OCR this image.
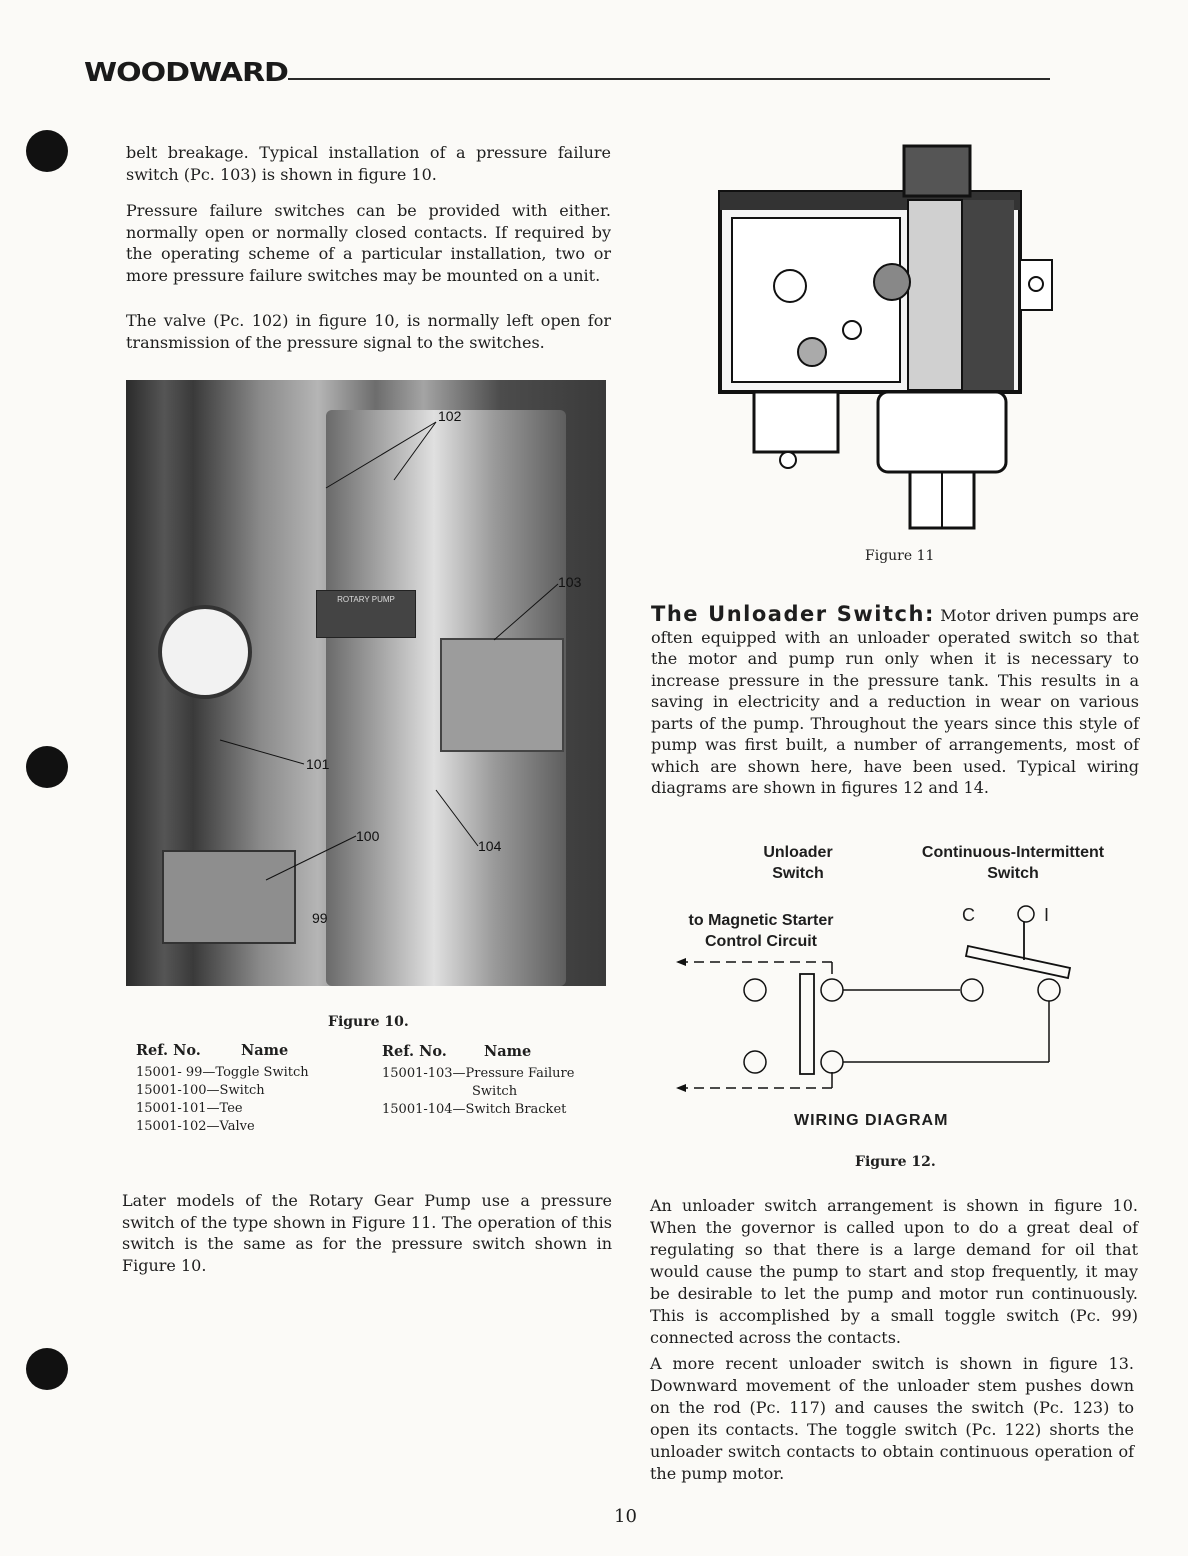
WOODWARD

belt breakage. Typical installation of a pressure failure switch (Pc. 103) is shown in figure 10.

Pressure failure switches can be provided with either. normally open or normally closed contacts. If required by the operating scheme of a particular installation, two or more pressure failure switches may be mounted on a unit.

The valve (Pc. 102) in figure 10, is normally left open for transmission of the pressure signal to the switches.

ROTARY PUMP
102
103
101
100
104
99
Figure 10.
Ref. No.	Name	Ref. No.	Name
15001- 99—Toggle Switch
15001-100—Switch
15001-101—Tee
15001-102—Valve
15001-103—Pressure Failure
Switch
15001-104—Switch Bracket

Later models of the Rotary Gear Pump use a pressure switch of the type shown in Figure 11. The operation of this switch is the same as for the pressure switch shown in Figure 10.

Figure 11

The Unloader Switch: Motor driven pumps are often equipped with an unloader operated switch so that the motor and pump run only when it is necessary to increase pressure in the pressure tank. This results in a saving in electricity and a reduction in wear on various parts of the pump. Throughout the years since this style of pump was first built, a number of arrangements, most of which are shown here, have been used. Typical wiring diagrams are shown in figures 12 and 14.

Unloader
Switch
Continuous-Intermittent
Switch
to Magnetic Starter
Control Circuit
C	I
WIRING DIAGRAM
Figure 12.

An unloader switch arrangement is shown in figure 10. When the governor is called upon to do a great deal of regulating so that there is a large demand for oil that would cause the pump to start and stop frequently, it may be desirable to let the pump and motor run continuously. This is accomplished by a small toggle switch (Pc. 99) connected across the contacts.

A more recent unloader switch is shown in figure 13. Downward movement of the unloader stem pushes down on the rod (Pc. 117) and causes the switch (Pc. 123) to open its contacts. The toggle switch (Pc. 122) shorts the unloader switch contacts to obtain continuous operation of the pump motor.

10
